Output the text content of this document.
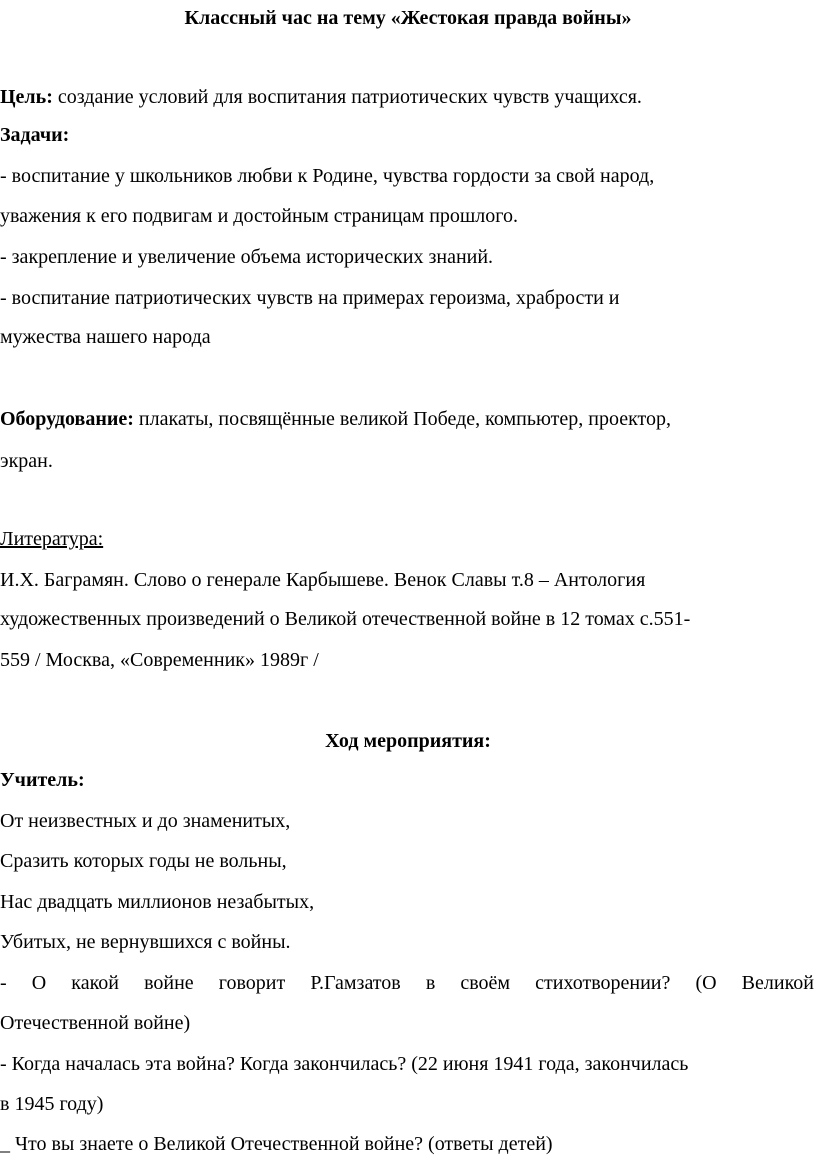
Классный час на тему «Жестокая правда войны»
Цель: создание условий для воспитания патриотических чувств учащихся.
Задачи:
- воспитание у школьников любви к Родине, чувства гордости за свой народ,
уважения к его подвигам и достойным страницам прошлого.
- закрепление и увеличение объема исторических знаний.
- воспитание патриотических чувств на примерах героизма, храбрости и
мужества нашего народа
Оборудование: плакаты, посвящённые великой Победе, компьютер, проектор,
экран.
Литература:
И.Х. Баграмян. Слово о генерале Карбышеве. Венок Славы т.8 – Антология
художественных произведений о Великой отечественной войне в 12 томах с.551-
559 / Москва, «Современник» 1989г /
Ход мероприятия:
Учитель:
От неизвестных и до знаменитых,
Сразить которых годы не вольны,
Нас двадцать миллионов незабытых,
Убитых, не вернувшихся с войны.
- О какой войне говорит Р.Гамзатов в своём стихотворении? (О Великой
Отечественной войне)
- Когда началась эта война? Когда закончилась? (22 июня 1941 года, закончилась
в 1945 году)
_ Что вы знаете о Великой Отечественной войне? (ответы детей)
